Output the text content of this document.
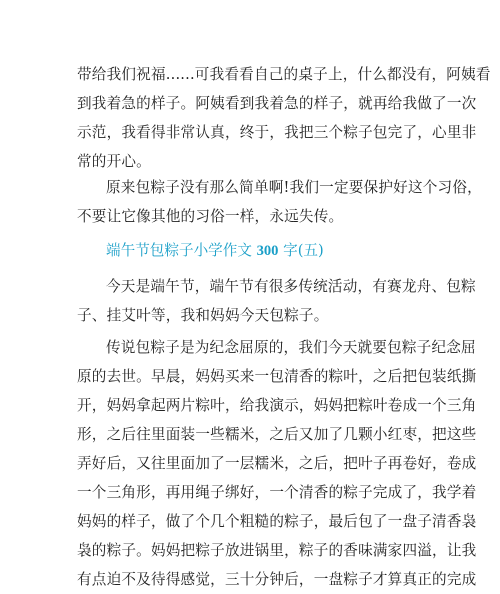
带给我们祝福......可我看看自己的桌子上，什么都没有，阿姨看
到我着急的样子。阿姨看到我着急的样子，就再给我做了一次
示范，我看得非常认真，终于，我把三个粽子包完了，心里非
常的开心。

原来包粽子没有那么简单啊!我们一定要保护好这个习俗，
不要让它像其他的习俗一样，永远失传。

端午节包粽子小学作文 300 字(五)

今天是端午节，端午节有很多传统活动，有赛龙舟、包粽
子、挂艾叶等，我和妈妈今天包粽子。

传说包粽子是为纪念屈原的，我们今天就要包粽子纪念屈
原的去世。早晨，妈妈买来一包清香的粽叶，之后把包装纸撕
开，妈妈拿起两片粽叶，给我演示，妈妈把粽叶卷成一个三角
形，之后往里面装一些糯米，之后又加了几颗小红枣，把这些
弄好后，又往里面加了一层糯米，之后，把叶子再卷好，卷成
一个三角形，再用绳子绑好，一个清香的粽子完成了，我学着
妈妈的样子，做了个几个粗糙的粽子，最后包了一盘子清香袅
袅的粽子。妈妈把粽子放进锅里，粽子的香味满家四溢，让我
有点迫不及待得感觉，三十分钟后，一盘粽子才算真正的完成
